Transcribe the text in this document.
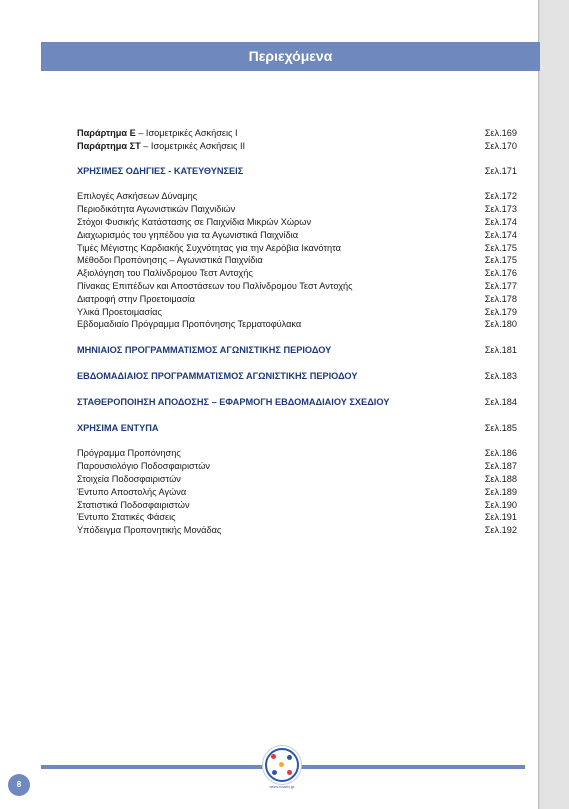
Περιεχόμενα
Παράρτημα Ε – Ισομετρικές Ασκήσεις Ι	Σελ.169
Παράρτημα ΣΤ – Ισομετρικές Ασκήσεις ΙΙ	Σελ.170
ΧΡΗΣΙΜΕΣ ΟΔΗΓΙΕΣ - ΚΑΤΕΥΘΥΝΣΕΙΣ	Σελ.171
Επιλογές Ασκήσεων Δύναμης	Σελ.172
Περιοδικότητα Αγωνιστικών Παιχνιδιών	Σελ.173
Στόχοι Φυσικής Κατάστασης σε Παιχνίδια Μικρών Χώρων	Σελ.174
Διαχωρισμός του γηπέδου για τα Αγωνιστικά Παιχνίδια	Σελ.174
Τιμές Μέγιστης Καρδιακής Συχνότητας για την Αερόβια Ικανότητα	Σελ.175
Μέθοδοι Προπόνησης – Αγωνιστικά Παιχνίδια	Σελ.175
Αξιολόγηση του Παλίνδρομου Τεστ Αντοχής	Σελ.176
Πίνακας Επιπέδων και Αποστάσεων του Παλίνδρομου Τεστ Αντοχής	Σελ.177
Διατροφή στην Προετοιμασία	Σελ.178
Υλικά Προετοιμασίας	Σελ.179
Εβδομαδιαίο Πρόγραμμα Προπόνησης Τερματοφύλακα	Σελ.180
ΜΗΝΙΑΙΟΣ ΠΡΟΓΡΑΜΜΑΤΙΣΜΟΣ ΑΓΩΝΙΣΤΙΚΗΣ ΠΕΡΙΟΔΟΥ	Σελ.181
ΕΒΔΟΜΑΔΙΑΙΟΣ ΠΡΟΓΡΑΜΜΑΤΙΣΜΟΣ ΑΓΩΝΙΣΤΙΚΗΣ ΠΕΡΙΟΔΟΥ	Σελ.183
ΣΤΑΘΕΡΟΠΟΙΗΣΗ ΑΠΟΔΟΣΗΣ – ΕΦΑΡΜΟΓΗ ΕΒΔΟΜΑΔΙΑΙΟΥ ΣΧΕΔΙΟΥ	Σελ.184
ΧΡΗΣΙΜΑ ΕΝΤΥΠΑ	Σελ.185
Πρόγραμμα Προπόνησης	Σελ.186
Παρουσιολόγιο Ποδοσφαιριστών	Σελ.187
Στοιχεία Ποδοσφαιριστών	Σελ.188
Έντυπο Αποστολής Αγώνα	Σελ.189
Στατιστικά Ποδοσφαιριστών	Σελ.190
Έντυπο Στατικές Φάσεις	Σελ.191
Υπόδειγμα Προπονητικής Μονάδας	Σελ.192
www.coach.gr
8
